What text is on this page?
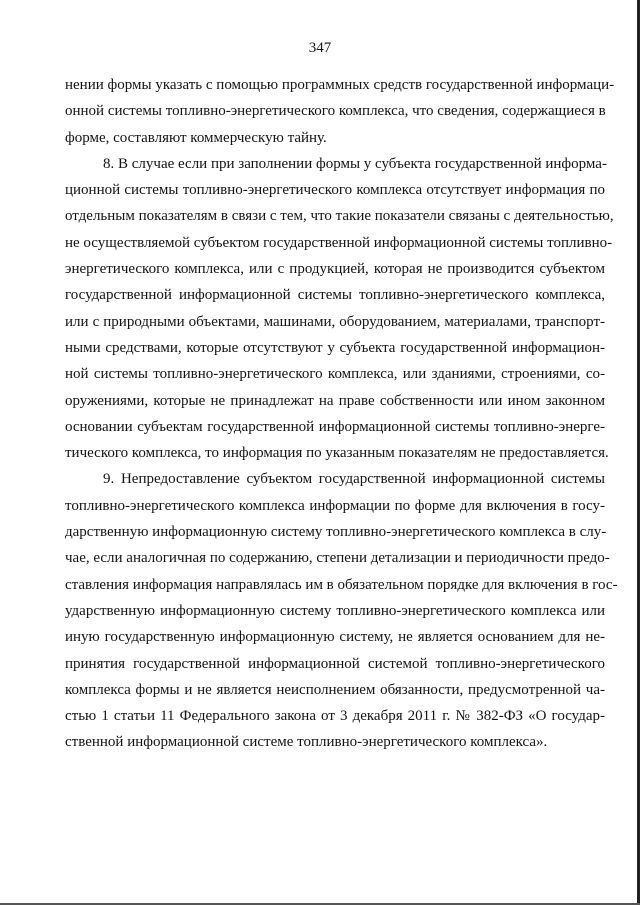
347
нении формы указать с помощью программных средств государственной информаци-
онной системы топливно-энергетического комплекса, что сведения, содержащиеся в
форме, составляют коммерческую тайну.
8. В случае если при заполнении формы у субъекта государственной информа-
ционной системы топливно-энергетического комплекса отсутствует информация по
отдельным показателям в связи с тем, что такие показатели связаны с деятельностью,
не осуществляемой субъектом государственной информационной системы топливно-
энергетического комплекса, или с продукцией, которая не производится субъектом
государственной информационной системы топливно-энергетического комплекса,
или с природными объектами, машинами, оборудованием, материалами, транспорт-
ными средствами, которые отсутствуют у субъекта государственной информацион-
ной системы топливно-энергетического комплекса, или зданиями, строениями, со-
оружениями, которые не принадлежат на праве собственности или ином законном
основании субъектам государственной информационной системы топливно-энерге-
тического комплекса, то информация по указанным показателям не предоставляется.
9. Непредоставление субъектом государственной информационной системы
топливно-энергетического комплекса информации по форме для включения в госу-
дарственную информационную систему топливно-энергетического комплекса в слу-
чае, если аналогичная по содержанию, степени детализации и периодичности предо-
ставления информация направлялась им в обязательном порядке для включения в гос-
ударственную информационную систему топливно-энергетического комплекса или
иную государственную информационную систему, не является основанием для не-
принятия государственной информационной системой топливно-энергетического
комплекса формы и не является неисполнением обязанности, предусмотренной ча-
стью 1 статьи 11 Федерального закона от 3 декабря 2011 г. № 382-ФЗ «О государ-
ственной информационной системе топливно-энергетического комплекса».
